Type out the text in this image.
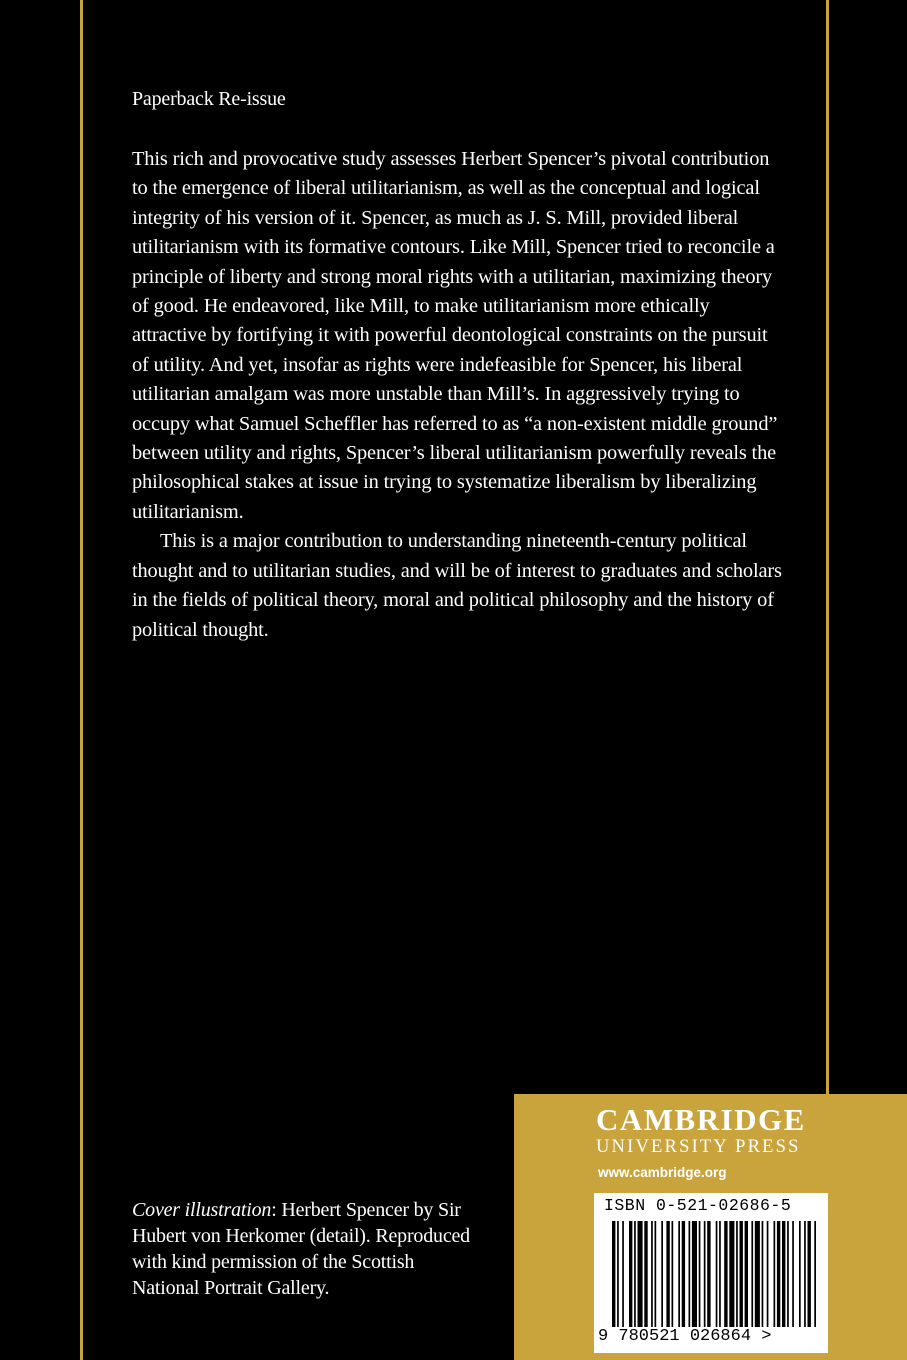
Paperback Re-issue

This rich and provocative study assesses Herbert Spencer’s pivotal contribution to the emergence of liberal utilitarianism, as well as the conceptual and logical integrity of his version of it. Spencer, as much as J. S. Mill, provided liberal utilitarianism with its formative contours. Like Mill, Spencer tried to reconcile a principle of liberty and strong moral rights with a utilitarian, maximizing theory of good. He endeavored, like Mill, to make utilitarianism more ethically attractive by fortifying it with powerful deontological constraints on the pursuit of utility. And yet, insofar as rights were indefeasible for Spencer, his liberal utilitarian amalgam was more unstable than Mill’s. In aggressively trying to occupy what Samuel Scheffler has referred to as “a non-existent middle ground” between utility and rights, Spencer’s liberal utilitarianism powerfully reveals the philosophical stakes at issue in trying to systematize liberalism by liberalizing utilitarianism.

This is a major contribution to understanding nineteenth-century political thought and to utilitarian studies, and will be of interest to graduates and scholars in the fields of political theory, moral and political philosophy and the history of political thought.

Cover illustration: Herbert Spencer by Sir Hubert von Herkomer (detail). Reproduced with kind permission of the Scottish National Portrait Gallery.
CAMBRIDGE
UNIVERSITY PRESS
www.cambridge.org
ISBN 0-521-02686-5
9 780521 026864 >
